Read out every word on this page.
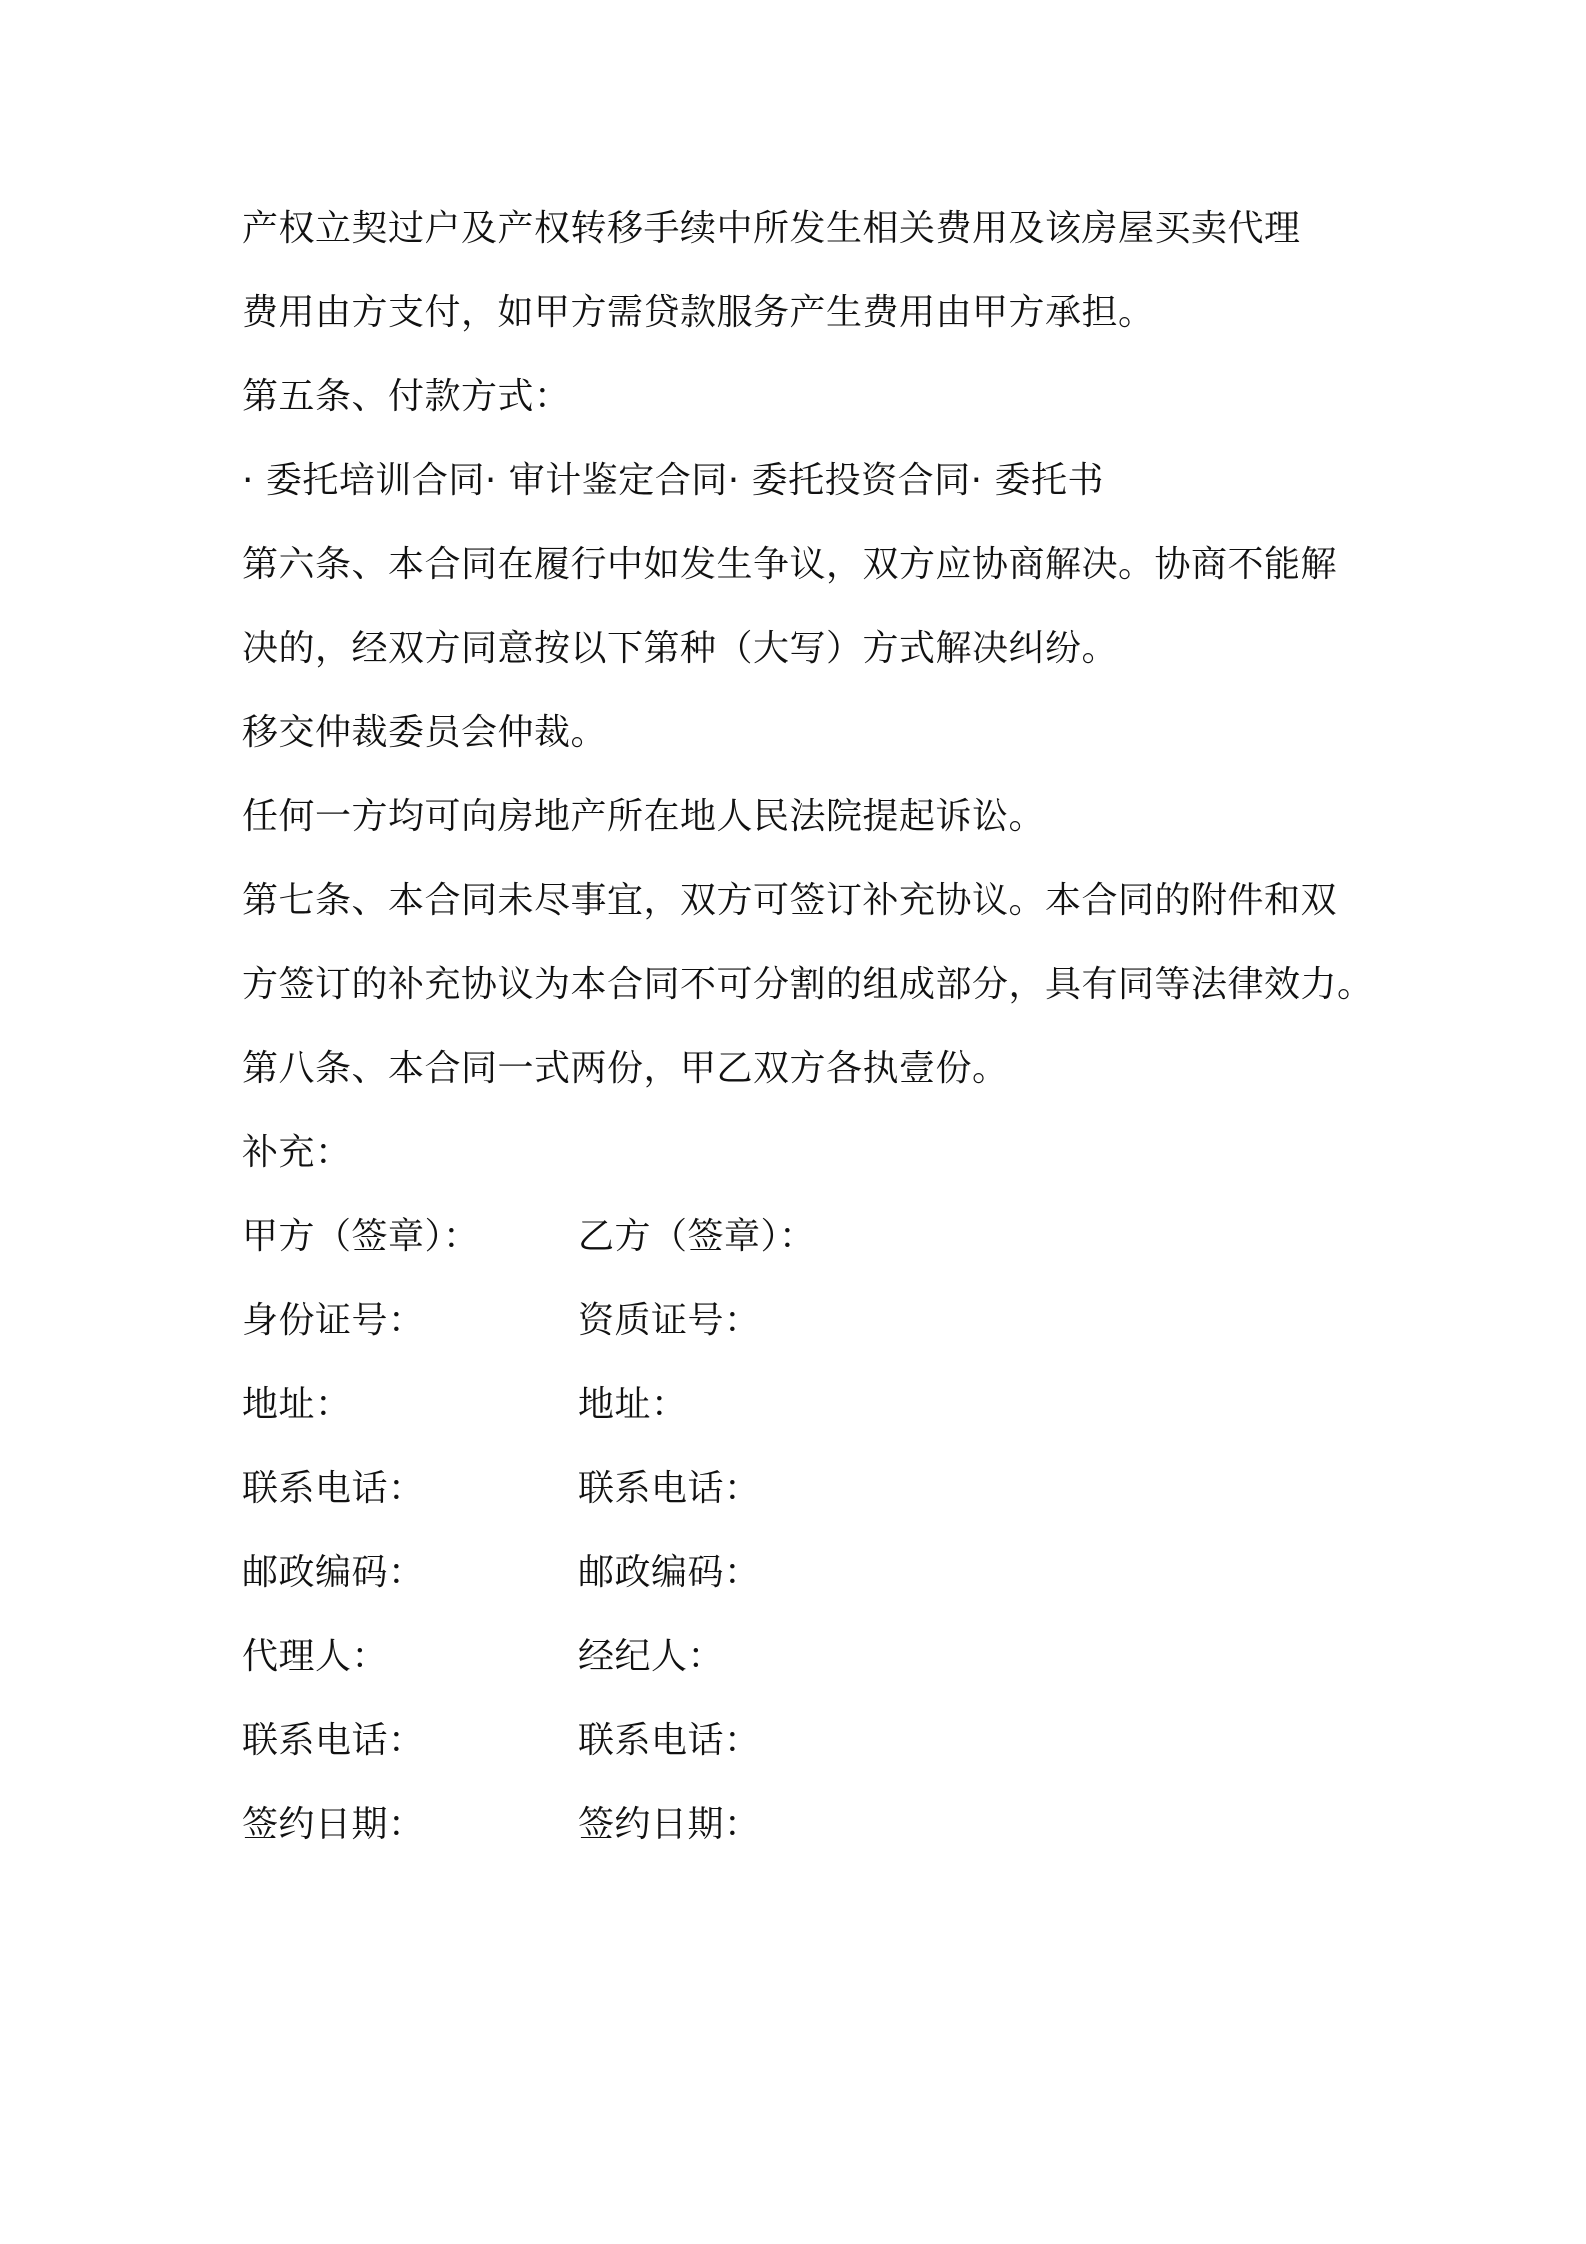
产权立契过户及产权转移手续中所发生相关费用及该房屋买卖代理
费用由方支付，如甲方需贷款服务产生费用由甲方承担。
第五条、付款方式：
· 委托培训合同· 审计鉴定合同· 委托投资合同· 委托书
第六条、本合同在履行中如发生争议，双方应协商解决。协商不能解
决的，经双方同意按以下第种（大写）方式解决纠纷。
移交仲裁委员会仲裁。
任何一方均可向房地产所在地人民法院提起诉讼。
第七条、本合同未尽事宜，双方可签订补充协议。本合同的附件和双
方签订的补充协议为本合同不可分割的组成部分，具有同等法律效力。
第八条、本合同一式两份，甲乙双方各执壹份。
补充：
甲方（签章）：	乙方（签章）：
身份证号：	资质证号：
地址：	地址：
联系电话：	联系电话：
邮政编码：	邮政编码：
代理人：	经纪人：
联系电话：	联系电话：
签约日期：	签约日期：
